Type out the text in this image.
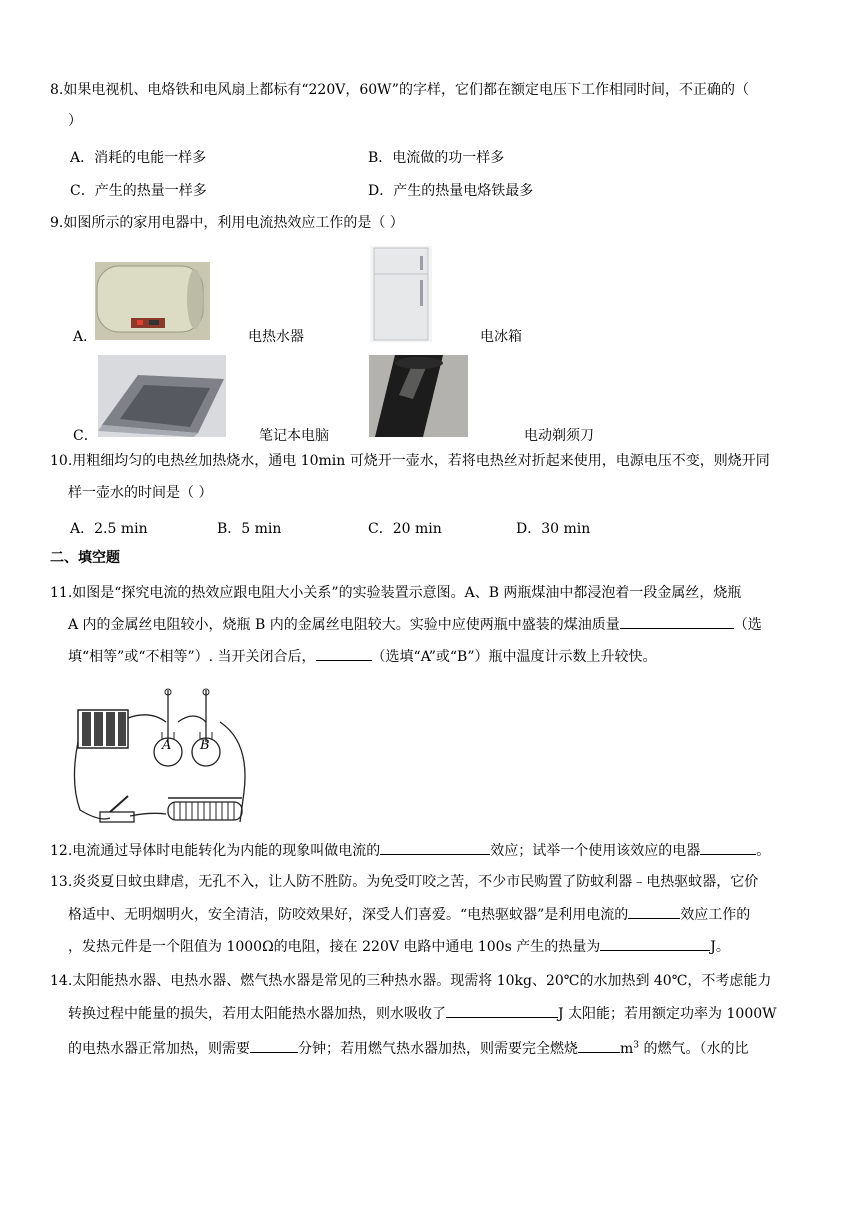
8.如果电视机、电烙铁和电风扇上都标有“220V，60W”的字样，它们都在额定电压下工作相同时间，不正确的（
）
A．消耗的电能一样多	B．电流做的功一样多
C．产生的热量一样多	D．产生的热量电烙铁最多
9.如图所示的家用电器中，利用电流热效应工作的是（ ）
A．	电热水器	电冰箱
C．	笔记本电脑	电动剃须刀
10.用粗细均匀的电热丝加热烧水，通电 10min 可烧开一壶水，若将电热丝对折起来使用，电源电压不变，则烧开同
样一壶水的时间是（ ）
A．2.5 min	B．5 min	C．20 min	D．30 min
二、填空题
11.如图是“探究电流的热效应跟电阻大小关系”的实验装置示意图。A、B 两瓶煤油中都浸泡着一段金属丝，烧瓶
A 内的金属丝电阻较小，烧瓶 B 内的金属丝电阻较大。实验中应使两瓶中盛装的煤油质量	（选
填“相等”或“不相等”）. 当开关闭合后，	（选填“A”或“B”）瓶中温度计示数上升较快。
A B
12.电流通过导体时电能转化为内能的现象叫做电流的	效应；试举一个使用该效应的电器	。
13.炎炎夏日蚊虫肆虐，无孔不入，让人防不胜防。为免受叮咬之苦，不少市民购置了防蚊利器﹣电热驱蚊器，它价
格适中、无明烟明火，安全清洁，防咬效果好，深受人们喜爱。“电热驱蚊器”是利用电流的	效应工作的
，发热元件是一个阻值为 1000Ω的电阻，接在 220V 电路中通电 100s 产生的热量为	J。
14.太阳能热水器、电热水器、燃气热水器是常见的三种热水器。现需将 10kg、20℃的水加热到 40℃，不考虑能力
转换过程中能量的损失，若用太阳能热水器加热，则水吸收了	J 太阳能；若用额定功率为 1000W
的电热水器正常加热，则需要	分钟；若用燃气热水器加热，则需要完全燃烧	$m^3$ 的燃气。（水的比
